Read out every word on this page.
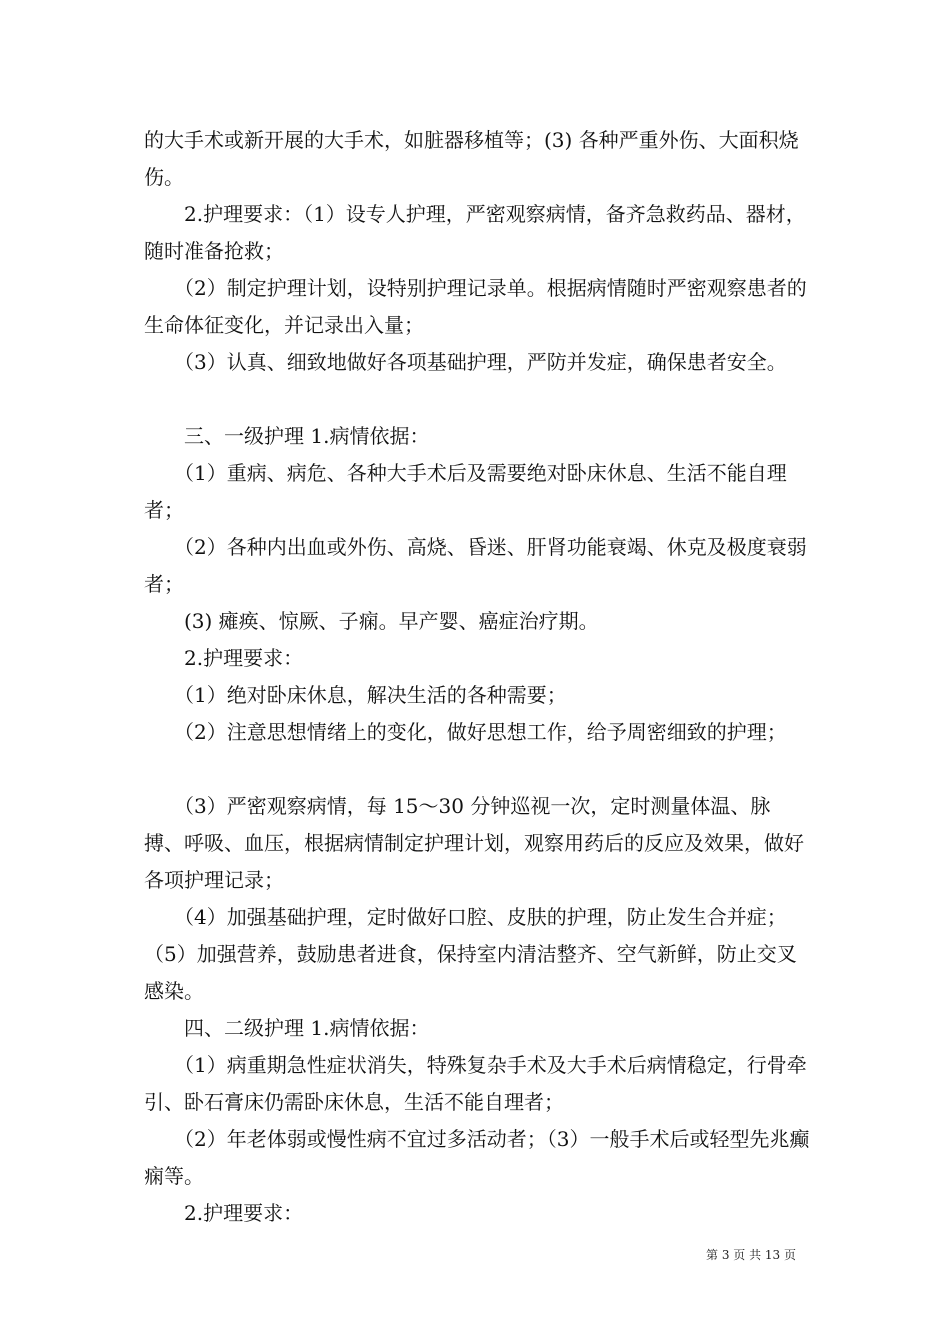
的大手术或新开展的大手术，如脏器移植等；(3) 各种严重外伤、大面积烧伤。
　　2.护理要求：（1）设专人护理，严密观察病情，备齐急救药品、器材，随时准备抢救；
　　（2）制定护理计划，设特别护理记录单。根据病情随时严密观察患者的生命体征变化，并记录出入量；
　　（3）认真、细致地做好各项基础护理，严防并发症，确保患者安全。
　　三、一级护理 1.病情依据：
　　（1）重病、病危、各种大手术后及需要绝对卧床休息、生活不能自理者；
　　（2）各种内出血或外伤、高烧、昏迷、肝肾功能衰竭、休克及极度衰弱者；
　　(3) 瘫痪、惊厥、子痫。早产婴、癌症治疗期。
　　2.护理要求：
　　（1）绝对卧床休息，解决生活的各种需要；
　　（2）注意思想情绪上的变化，做好思想工作，给予周密细致的护理；
　　（3）严密观察病情，每 15～30 分钟巡视一次，定时测量体温、脉搏、呼吸、血压，根据病情制定护理计划，观察用药后的反应及效果，做好各项护理记录；
　　（4）加强基础护理，定时做好口腔、皮肤的护理，防止发生合并症；（5）加强营养，鼓励患者进食，保持室内清洁整齐、空气新鲜，防止交叉感染。
　　四、二级护理 1.病情依据：
　　（1）病重期急性症状消失，特殊复杂手术及大手术后病情稳定，行骨牵引、卧石膏床仍需卧床休息，生活不能自理者；
　　（2）年老体弱或慢性病不宜过多活动者；（3）一般手术后或轻型先兆癫痫等。
　　2.护理要求：
第 3 页 共 13 页
